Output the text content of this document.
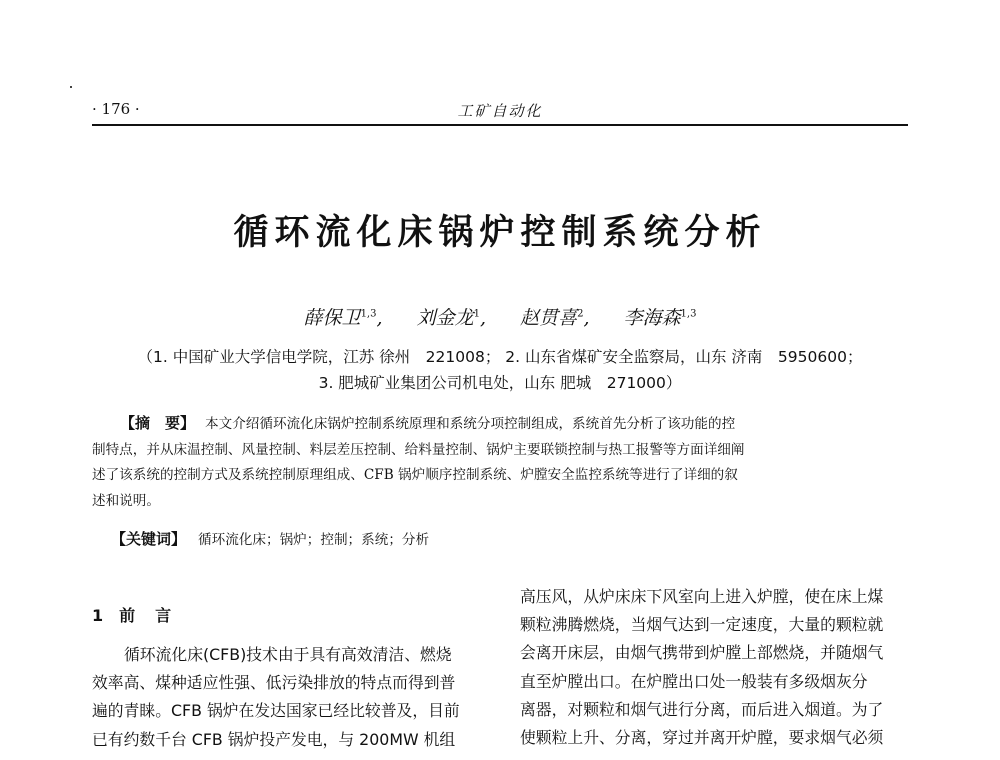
· 176 ·	工矿自动化
循环流化床锅炉控制系统分析
薛保卫$^{1,3}$, 刘金龙$^1$, 赵贯喜$^2$, 李海森$^{1,3}$
（1. 中国矿业大学信电学院，江苏 徐州　221008； 2. 山东省煤矿安全监察局，山东 济南　5950600；
3. 肥城矿业集团公司机电处，山东 肥城　271000）
【摘　要】 本文介绍循环流化床锅炉控制系统原理和系统分项控制组成，系统首先分析了该功能的控
制特点，并从床温控制、风量控制、料层差压控制、给料量控制、锅炉主要联锁控制与热工报警等方面详细阐
述了该系统的控制方式及系统控制原理组成、CFB 锅炉顺序控制系统、炉膛安全监控系统等进行了详细的叙
述和说明。
【关键词】 循环流化床；锅炉；控制；系统；分析
1 前　言
循环流化床(CFB)技术由于具有高效清洁、燃烧
效率高、煤种适应性强、低污染排放的特点而得到普
遍的青睐。CFB 锅炉在发达国家已经比较普及，目前
已有约数千台 CFB 锅炉投产发电，与 200MW 机组
高压风，从炉床床下风室向上进入炉膛，使在床上煤
颗粒沸腾燃烧，当烟气达到一定速度，大量的颗粒就
会离开床层，由烟气携带到炉膛上部燃烧，并随烟气
直至炉膛出口。在炉膛出口处一般装有多级烟灰分
离器，对颗粒和烟气进行分离，而后进入烟道。为了
使颗粒上升、分离，穿过并离开炉膛，要求烟气必须
